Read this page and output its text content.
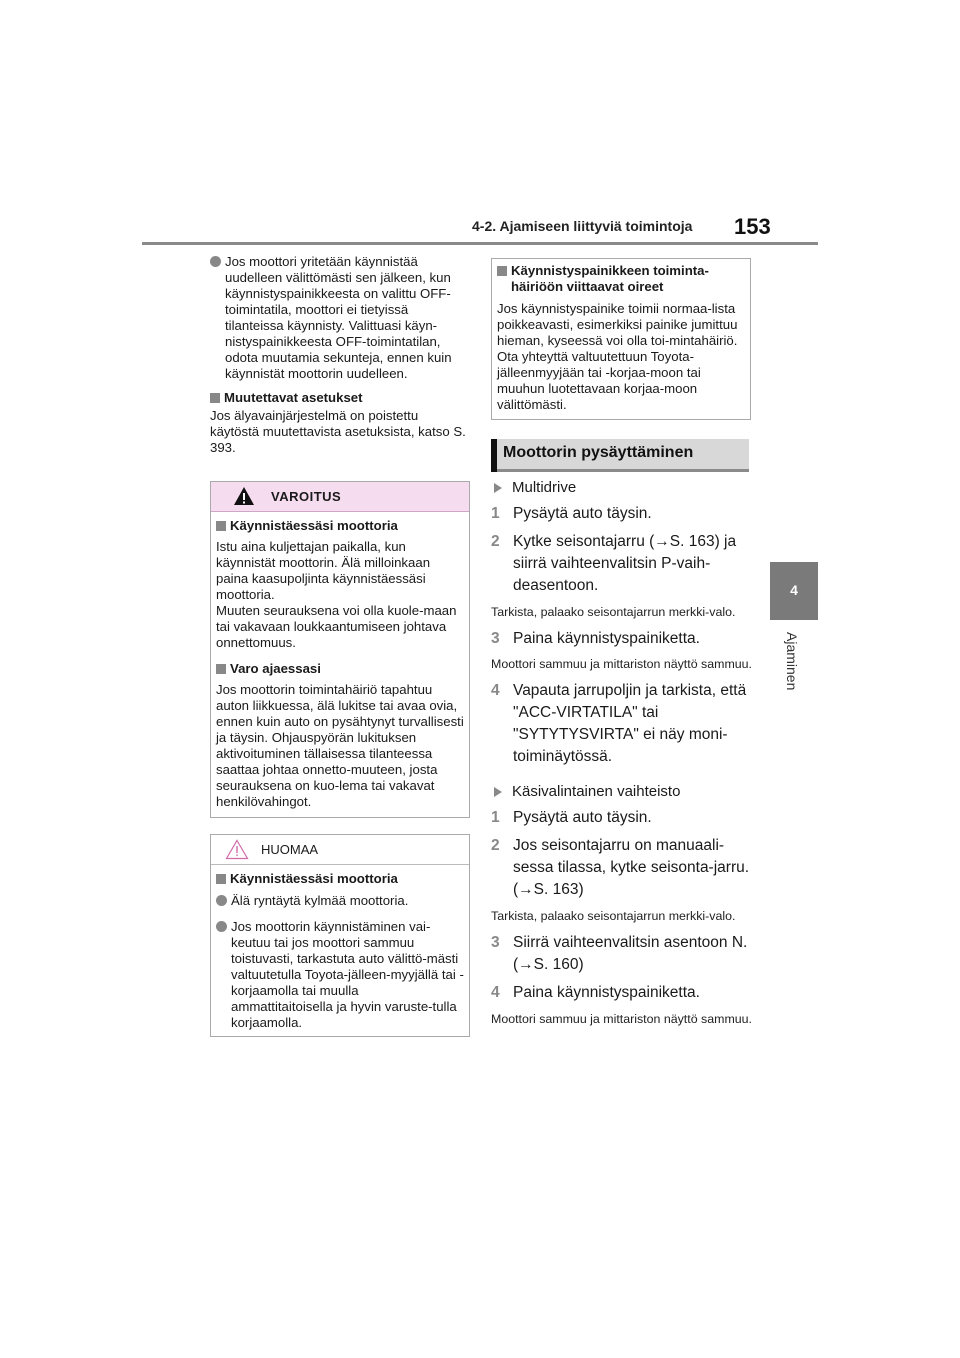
4-2. Ajamiseen liittyviä toimintoja 153
4
Ajaminen

Jos moottori yritetään käynnistää uudelleen välittömästi sen jälkeen, kun käynnistyspainikkeesta on valittu OFF-toimintatila, moottori ei tietyissä tilanteissa käynnisty. Valittuasi käyn-nistyspainikkeesta OFF-toimintatilan, odota muutamia sekunteja, ennen kuin käynnistät moottorin uudelleen.

Muutettavat asetukset

Jos älyavainjärjestelmä on poistettu käytöstä muutettavista asetuksista, katso S. 393.

VAROITUS
Käynnistäessäsi moottoria

Istu aina kuljettajan paikalla, kun käynnistät moottorin. Älä milloinkaan paina kaasupoljinta käynnistäessäsi moottoria.

Muuten seurauksena voi olla kuole-maan tai vakavaan loukkaantumiseen johtava onnettomuus.

Varo ajaessasi

Jos moottorin toimintahäiriö tapahtuu auton liikkuessa, älä lukitse tai avaa ovia, ennen kuin auto on pysähtynyt turvallisesti ja täysin. Ohjauspyörän lukituksen aktivoituminen tällaisessa tilanteessa saattaa johtaa onnetto-muuteen, josta seurauksena on kuo-lema tai vakavat henkilövahingot.

HUOMAA
Käynnistäessäsi moottoria

Älä ryntäytä kylmää moottoria.

Jos moottorin käynnistäminen vai-keutuu tai jos moottori sammuu toistuvasti, tarkastuta auto välittö-mästi valtuutetulla Toyota-jälleen-myyjällä tai -korjaamolla tai muulla ammattitaitoisella ja hyvin varuste-tulla korjaamolla.

Käynnistyspainikkeen toiminta-häiriöön viittaavat oireet

Jos käynnistyspainike toimii normaa-lista poikkeavasti, esimerkiksi painike jumittuu hieman, kyseessä voi olla toi-mintahäiriö. Ota yhteyttä valtuutettuun Toyota-jälleenmyyjään tai -korjaa-moon tai muuhun luotettavaan korjaa-moon välittömästi.

Moottorin pysäyttäminen
Multidrive
1 Pysäytä auto täysin.
2 Kytke seisontajarru (→S. 163) ja siirrä vaihteenvalitsin P-vaih-deasentoon.

Tarkista, palaako seisontajarrun merkki-valo.

3 Paina käynnistyspainiketta.

Moottori sammuu ja mittariston näyttö sammuu.

4 Vapauta jarrupoljin ja tarkista, että "ACC-VIRTATILA" tai "SYTYTYSVIRTA" ei näy moni-toiminäytössä.
Käsivalintainen vaihteisto
1 Pysäytä auto täysin.
2 Jos seisontajarru on manuaali-sessa tilassa, kytke seisonta-jarru. (→S. 163)

Tarkista, palaako seisontajarrun merkki-valo.

3 Siirrä vaihteenvalitsin asentoon N. (→S. 160)
4 Paina käynnistyspainiketta.

Moottori sammuu ja mittariston näyttö sammuu.
